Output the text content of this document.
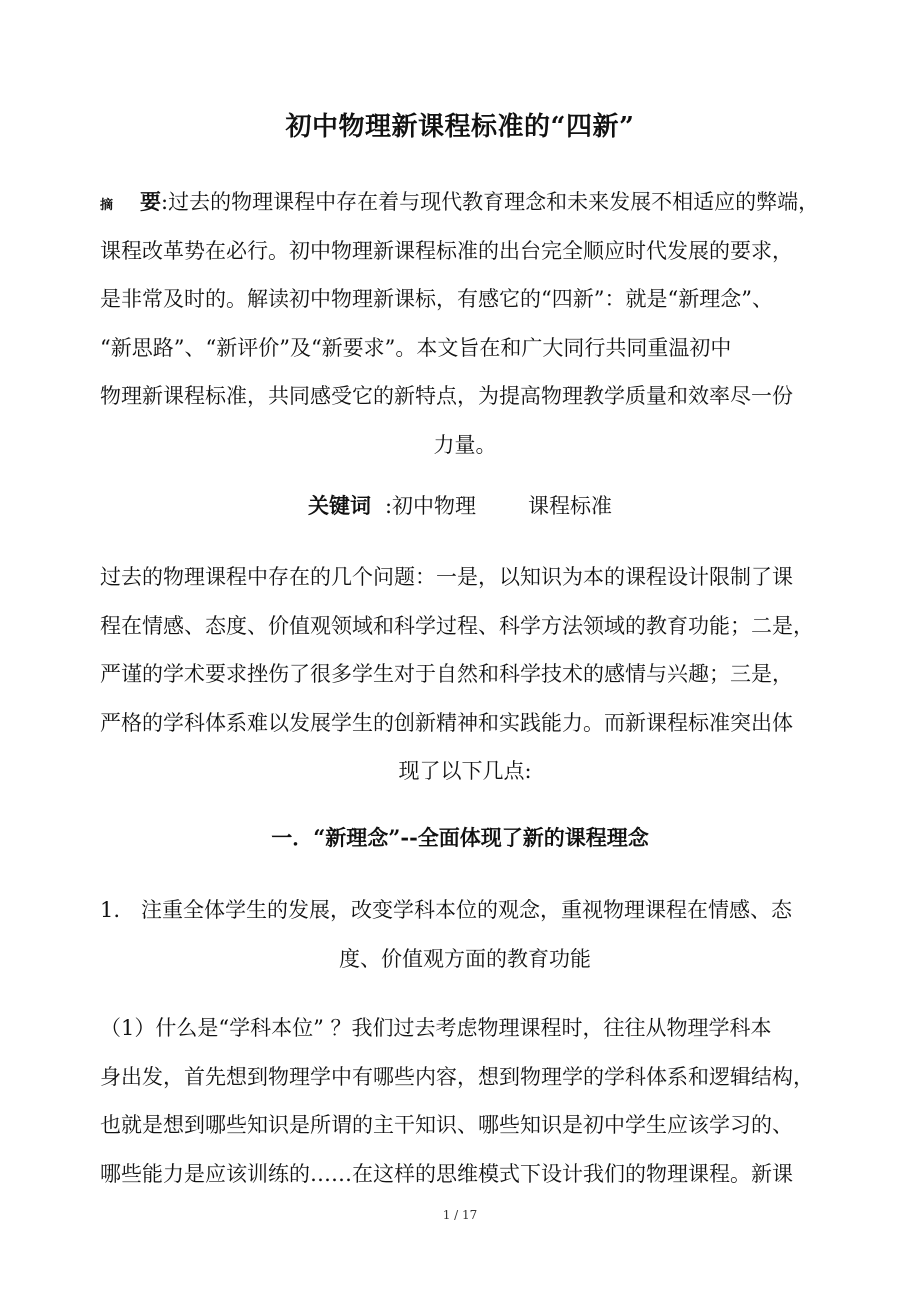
初中物理新课程标准的“四新”
摘 要:过去的物理课程中存在着与现代教育理念和未来发展不相适应的弊端，
课程改革势在必行。初中物理新课程标准的出台完全顺应时代发展的要求，
是非常及时的。解读初中物理新课标，有感它的“四新”：就是“新理念”、
“新思路”、“新评价”及“新要求”。本文旨在和广大同行共同重温初中
物理新课程标准，共同感受它的新特点，为提高物理教学质量和效率尽一份
力量。
关键词 :初中物理 课程标准
过去的物理课程中存在的几个问题：一是，以知识为本的课程设计限制了课
程在情感、态度、价值观领域和科学过程、科学方法领域的教育功能；二是，
严谨的学术要求挫伤了很多学生对于自然和科学技术的感情与兴趣；三是，
严格的学科体系难以发展学生的创新精神和实践能力。而新课程标准突出体
现了以下几点:
一．“新理念”--全面体现了新的课程理念
1.　注重全体学生的发展，改变学科本位的观念，重视物理课程在情感、态
度、价值观方面的教育功能
（1）什么是“学科本位” ？我们过去考虑物理课程时，往往从物理学科本
身出发，首先想到物理学中有哪些内容，想到物理学的学科体系和逻辑结构，
也就是想到哪些知识是所谓的主干知识、哪些知识是初中学生应该学习的、
哪些能力是应该训练的……在这样的思维模式下设计我们的物理课程。新课
1 / 17
